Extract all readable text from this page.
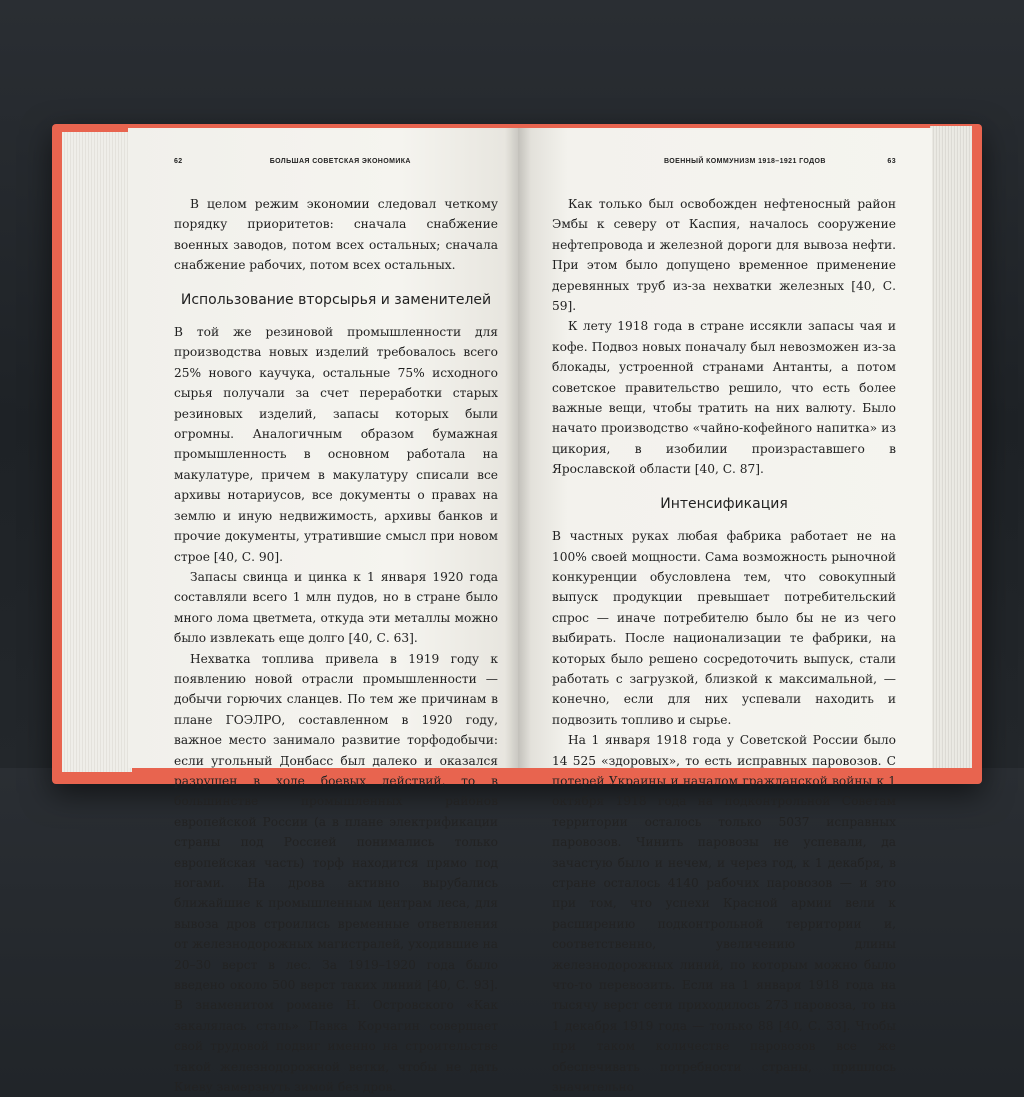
62	БОЛЬШАЯ СОВЕТСКАЯ ЭКОНОМИКА

В целом режим экономии следовал четкому порядку приоритетов: сначала снабжение военных заводов, потом всех остальных; сначала снабжение рабочих, потом всех остальных.

Использование вторсырья и заменителей

В той же резиновой промышленности для производства новых изделий требовалось всего 25% нового каучука, остальные 75% исходного сырья получали за счет переработки старых резиновых изделий, запасы которых были огромны. Аналогичным образом бумажная промышленность в основном работала на макулатуре, причем в макулатуру списали все архивы нотариусов, все документы о правах на землю и иную недвижимость, архивы банков и прочие документы, утратившие смысл при новом строе [40, С. 90].

Запасы свинца и цинка к 1 января 1920 года составляли всего 1 млн пудов, но в стране было много лома цветмета, откуда эти металлы можно было извлекать еще долго [40, С. 63].

Нехватка топлива привела в 1919 году к появлению новой отрасли промышленности — добычи горючих сланцев. По тем же причинам в плане ГОЭЛРО, составленном в 1920 году, важное место занимало развитие торфодобычи: если угольный Донбасс был далеко и оказался разрушен в ходе боевых действий, то в большинстве промышленных районов европейской России (а в плане электрификации страны под Россией понимались только европейская часть) торф находится прямо под ногами. На дрова активно вырубались ближайшие к промышленным центрам леса, для вывоза дров строились временные ответвления от железнодорожных магистралей, уходившие на 20–30 верст в лес. За 1919–1920 года было введено около 500 верст таких линий [40, С. 93]. В знаменитом романе Н. Островского «Как закалялась сталь» Павка Корчагин совершает свой трудовой подвиг именно на строительстве такой железнодорожной ветки, чтобы не дать Киеву замерзнуть зимой без дров.

ВОЕННЫЙ КОММУНИЗМ 1918–1921 ГОДОВ	63

Как только был освобожден нефтеносный район Эмбы к северу от Каспия, началось сооружение нефтепровода и железной дороги для вывоза нефти. При этом было допущено временное применение деревянных труб из-за нехватки железных [40, С. 59].

К лету 1918 года в стране иссякли запасы чая и кофе. Подвоз новых поначалу был невозможен из-за блокады, устроенной странами Антанты, а потом советское правительство решило, что есть более важные вещи, чтобы тратить на них валюту. Было начато производство «чайно-кофейного напитка» из цикория, в изобилии произраставшего в Ярославской области [40, С. 87].

Интенсификация

В частных руках любая фабрика работает не на 100% своей мощности. Сама возможность рыночной конкуренции обусловлена тем, что совокупный выпуск продукции превышает потребительский спрос — иначе потребителю было бы не из чего выбирать. После национализации те фабрики, на которых было решено сосредоточить выпуск, стали работать с загрузкой, близкой к максимальной, — конечно, если для них успевали находить и подвозить топливо и сырье.

На 1 января 1918 года у Советской России было 14 525 «здоровых», то есть исправных паровозов. С потерей Украины и началом гражданской войны к 1 октября 1918 года на подконтрольной Советам территории осталось только 5037 исправных паровозов. Чинить паровозы не успевали, да зачастую было и нечем, и через год, к 1 декабря, в стране осталось 4140 рабочих паровозов — и это при том, что успехи Красной армии вели к расширению подконтрольной территории и, соответственно, увеличению длины железнодорожных линий, по которым можно было что-то перевозить. Если на 1 января 1918 года на тысячу верст сети приходилось 273 паровоза, то на 1 декабря 1919 года — только 88 [40, С. 33]. Чтобы при таком количестве паровозов все же обеспечивать потребности страны, пришлось значительно
